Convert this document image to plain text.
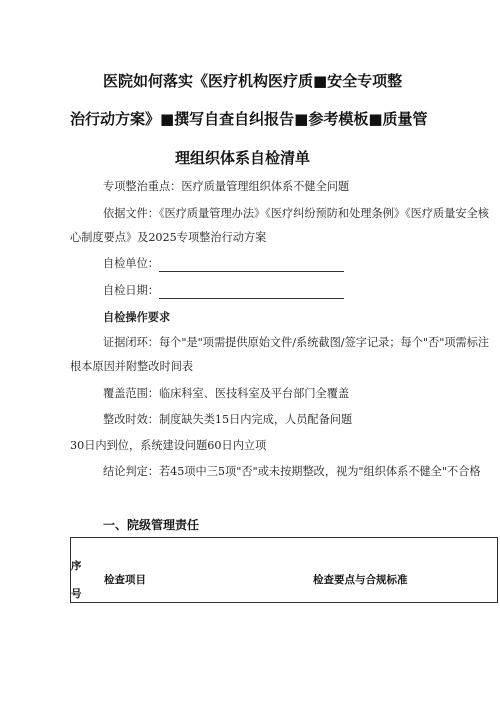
医院如何落实《医疗机构医疗质■安全专项整
治行动方案》■撰写自查自纠报告■参考模板■质量管
理组织体系自检清单
专项整治重点：医疗质量管理组织体系不健全问题
依据文件：《医疗质量管理办法》《医疗纠纷预防和处理条例》《医疗质量安全核心制度要点》及2025专项整治行动方案
自检单位：
自检日期：
自检操作要求
证据闭环：每个"是"项需提供原始文件/系统截图/签字记录；每个"否"项需标注根本原因并附整改时间表
覆盖范围：临床科室、医技科室及平台部门全覆盖
整改时效：制度缺失类15日内完成，人员配备问题
30日内到位，系统建设问题60日内立项
结论判定：若45项中三5项"否"或未按期整改，视为"组织体系不健全"不合格
一、院级管理责任
序
号
检查项目	检查要点与合规标准
